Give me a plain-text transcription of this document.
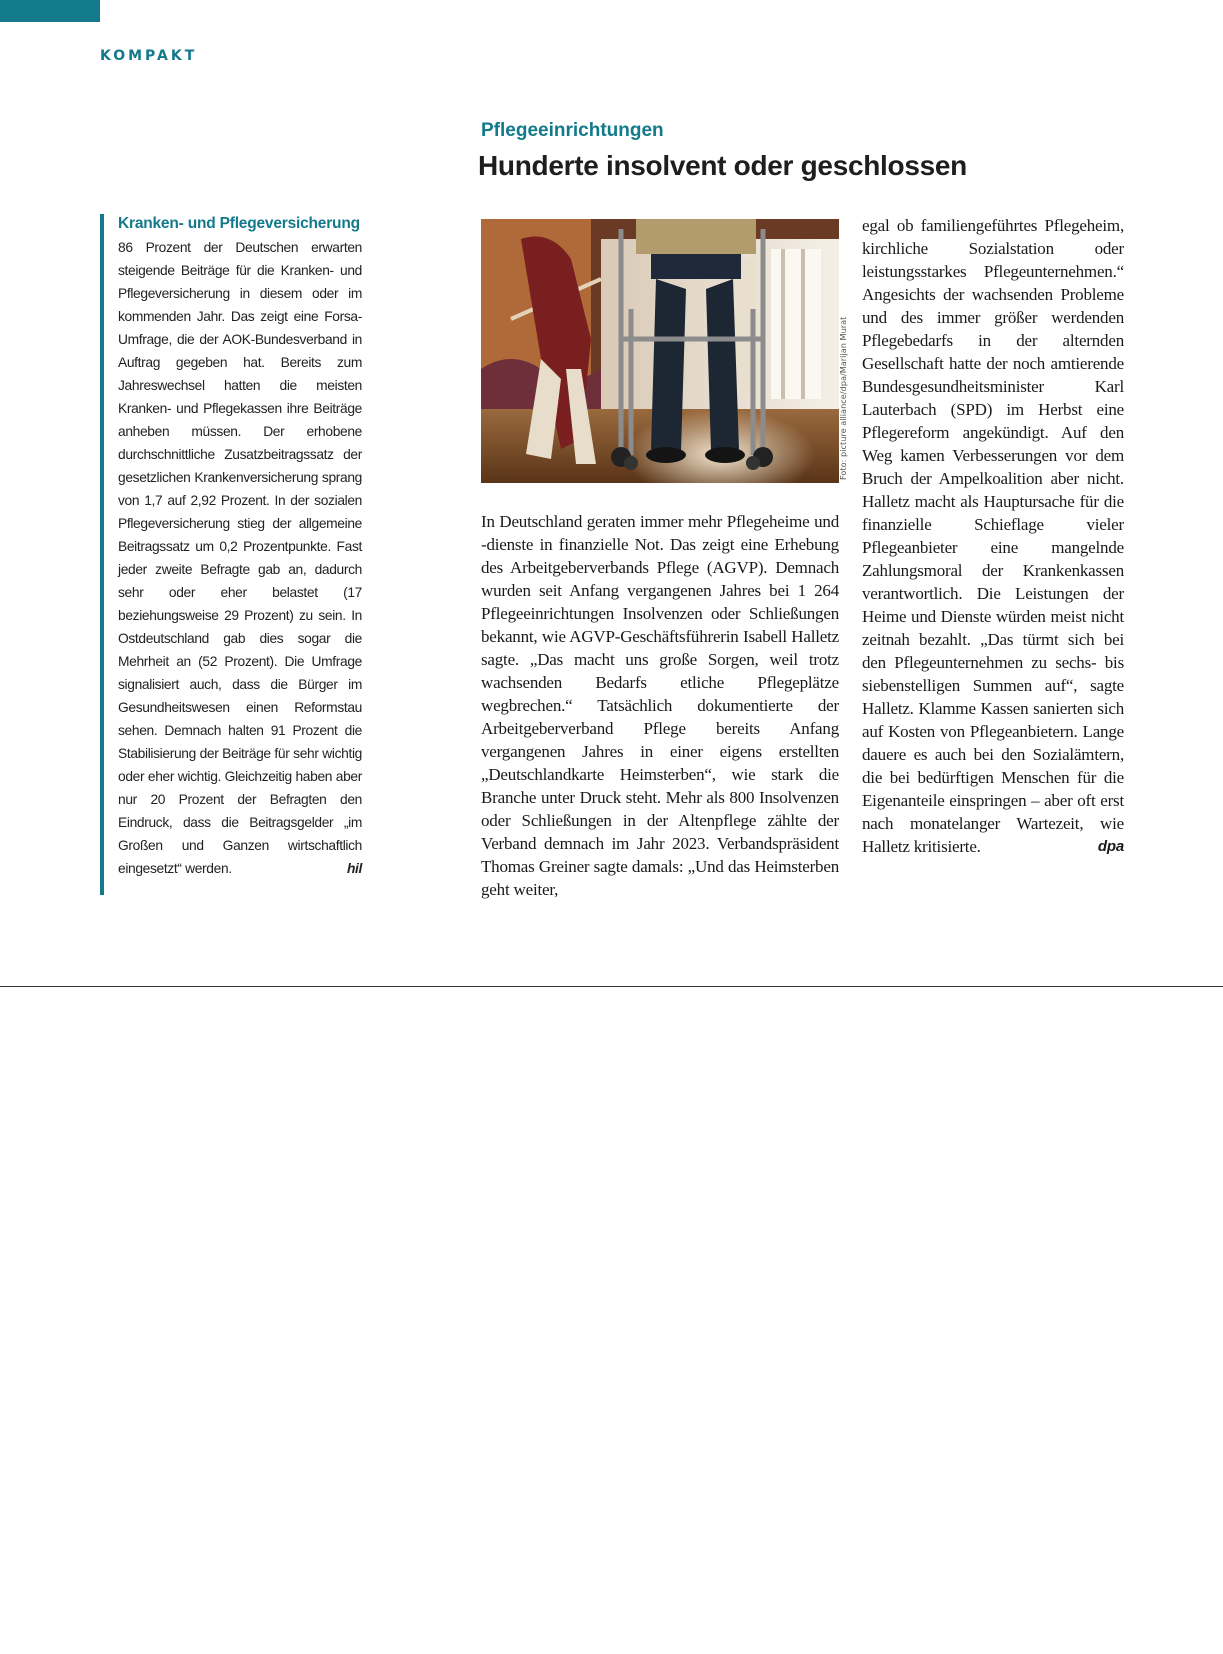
KOMPAKT
Pflegeeinrichtungen
Hunderte insolvent oder geschlossen
Kranken- und Pflegeversicherung

86 Prozent der Deutschen erwarten steigende Beiträge für die Kranken- und Pflegeversicherung in diesem oder im kommenden Jahr. Das zeigt eine Forsa-Umfrage, die der AOK-Bundesverband in Auftrag gegeben hat. Bereits zum Jahreswechsel hatten die meisten Kranken- und Pflegekassen ihre Beiträge anheben müssen. Der erhobene durchschnittliche Zusatzbeitragssatz der gesetzlichen Krankenversicherung sprang von 1,7 auf 2,92 Prozent. In der sozialen Pflegeversicherung stieg der allgemeine Beitragssatz um 0,2 Prozentpunkte. Fast jeder zweite Befragte gab an, dadurch sehr oder eher belastet (17 beziehungsweise 29 Prozent) zu sein. In Ostdeutschland gab dies sogar die Mehrheit an (52 Prozent). Die Umfrage signalisiert auch, dass die Bürger im Gesundheitswesen einen Reformstau sehen. Demnach halten 91 Prozent die Stabilisierung der Beiträge für sehr wichtig oder eher wichtig. Gleichzeitig haben aber nur 20 Prozent der Befragten den Eindruck, dass die Beitragsgelder „im Großen und Ganzen wirtschaftlich eingesetzt“ werden.	hil

Foto: picture alliance/dpa/Marijan Murat
In Deutschland geraten immer mehr Pflegeheime und -dienste in finanzielle Not. Das zeigt eine Erhebung des Arbeitgeberverbands Pflege (AGVP). Demnach wurden seit Anfang vergangenen Jahres bei 1 264 Pflegeeinrichtungen Insolvenzen oder Schließungen bekannt, wie AGVP-Geschäftsführerin Isabell Halletz sagte. „Das macht uns große Sorgen, weil trotz wachsenden Bedarfs etliche Pflegeplätze wegbrechen.“ Tatsächlich dokumentierte der Arbeitgeberverband Pflege bereits Anfang vergangenen Jahres in einer eigens erstellten „Deutschlandkarte Heimsterben“, wie stark die Branche unter Druck steht. Mehr als 800 Insolvenzen oder Schließungen in der Altenpflege zählte der Verband demnach im Jahr 2023. Verbandspräsident Thomas Greiner sagte damals: „Und das Heimsterben geht weiter,
egal ob familiengeführtes Pflegeheim, kirchliche Sozialstation oder leistungsstarkes Pflegeunternehmen.“ Angesichts der wachsenden Probleme und des immer größer werdenden Pflegebedarfs in der alternden Gesellschaft hatte der noch amtierende Bundesgesundheitsminister Karl Lauterbach (SPD) im Herbst eine Pflegereform angekündigt. Auf den Weg kamen Verbesserungen vor dem Bruch der Ampelkoalition aber nicht. Halletz macht als Hauptursache für die finanzielle Schieflage vieler Pflegeanbieter eine mangelnde Zahlungsmoral der Krankenkassen verantwortlich. Die Leistungen der Heime und Dienste würden meist nicht zeitnah bezahlt. „Das türmt sich bei den Pflegeunternehmen zu sechs- bis siebenstelligen Summen auf“, sagte Halletz. Klamme Kassen sanierten sich auf Kosten von Pflegeanbietern. Lange dauere es auch bei den Sozialämtern, die bei bedürftigen Menschen für die Eigenanteile einspringen – aber oft erst nach monatelanger Wartezeit, wie Halletz kritisierte.	dpa
